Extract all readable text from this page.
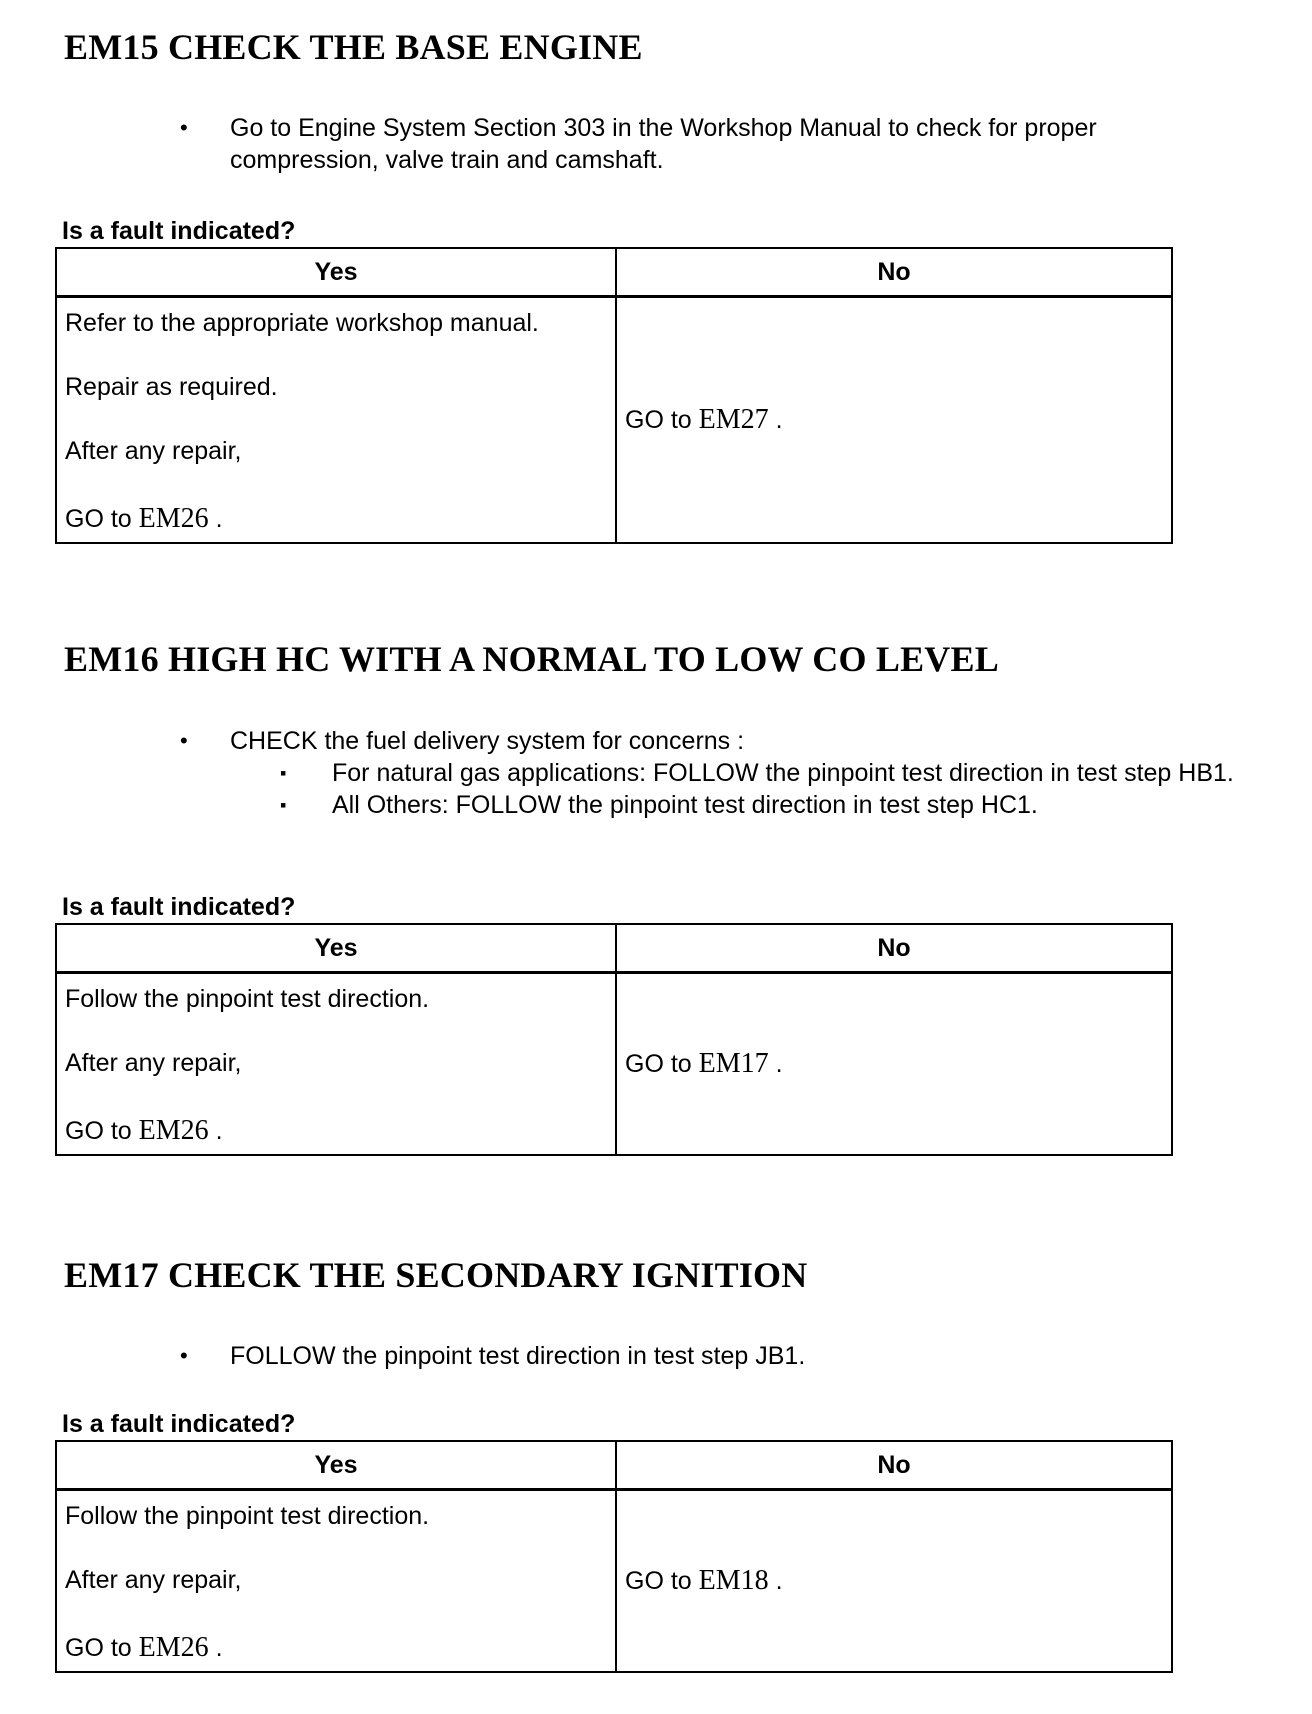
EM15 CHECK THE BASE ENGINE
• Go to Engine System Section 303 in the Workshop Manual to check for proper compression, valve train and camshaft.

Is a fault indicated?

Yes	No

Refer to the appropriate workshop manual.

Repair as required.

After any repair,

GO to EM26 .	GO to EM27 .
EM16 HIGH HC WITH A NORMAL TO LOW CO LEVEL
• CHECK the fuel delivery system for concerns :
▪ For natural gas applications: FOLLOW the pinpoint test direction in test step HB1.
▪ All Others: FOLLOW the pinpoint test direction in test step HC1.

Is a fault indicated?

Yes	No

Follow the pinpoint test direction.

After any repair,

GO to EM26 .	GO to EM17 .
EM17 CHECK THE SECONDARY IGNITION
• FOLLOW the pinpoint test direction in test step JB1.

Is a fault indicated?

Yes	No

Follow the pinpoint test direction.

After any repair,

GO to EM26 .	GO to EM18 .
